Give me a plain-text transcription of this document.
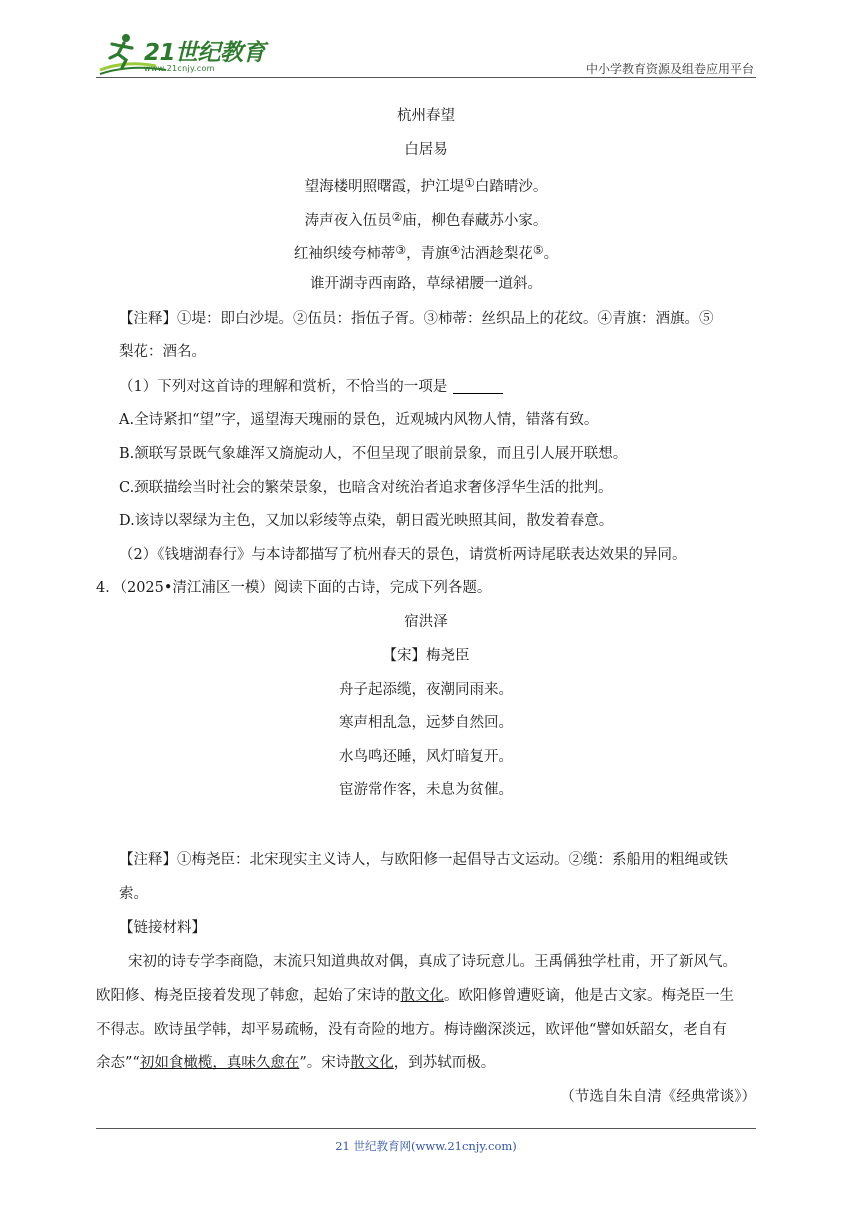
21世纪教育
www.21cnjy.com	中小学教育资源及组卷应用平台
杭州春望
白居易
望海楼明照曙霞，护江堤①白踏晴沙。
涛声夜入伍员②庙，柳色春藏苏小家。
红袖织绫夸柿蒂③，青旗④沽酒趁梨花⑤。
谁开湖寺西南路，草绿裙腰一道斜。
【注释】①堤：即白沙堤。②伍员：指伍子胥。③柿蒂：丝织品上的花纹。④青旗：酒旗。⑤
梨花：酒名。
（1）下列对这首诗的理解和赏析，不恰当的一项是
A.全诗紧扣“望”字，遥望海天瑰丽的景色，近观城内风物人情，错落有致。
B.颔联写景既气象雄浑又旖旎动人，不但呈现了眼前景象，而且引人展开联想。
C.颈联描绘当时社会的繁荣景象，也暗含对统治者追求奢侈浮华生活的批判。
D.该诗以翠绿为主色，又加以彩绫等点染，朝日霞光映照其间，散发着春意。
（2）《钱塘湖春行》与本诗都描写了杭州春天的景色，请赏析两诗尾联表达效果的异同。
4．（2025•清江浦区一模）阅读下面的古诗，完成下列各题。
宿洪泽
【宋】梅尧臣
舟子起添缆，夜潮同雨来。
寒声相乱急，远梦自然回。
水鸟鸣还睡，风灯暗复开。
宦游常作客，未息为贫催。
【注释】①梅尧臣：北宋现实主义诗人，与欧阳修一起倡导古文运动。②缆：系船用的粗绳或铁
索。
【链接材料】
宋初的诗专学李商隐，末流只知道典故对偶，真成了诗玩意儿。王禹偁独学杜甫，开了新风气。
欧阳修、梅尧臣接着发现了韩愈，起始了宋诗的散文化。欧阳修曾遭贬谪，他是古文家。梅尧臣一生
不得志。欧诗虽学韩，却平易疏畅，没有奇险的地方。梅诗幽深淡远，欧评他“譬如妖韶女，老自有
余态”“初如食橄榄，真味久愈在”。宋诗散文化，到苏轼而极。
（节选自朱自清《经典常谈》）
21 世纪教育网(www.21cnjy.com)
